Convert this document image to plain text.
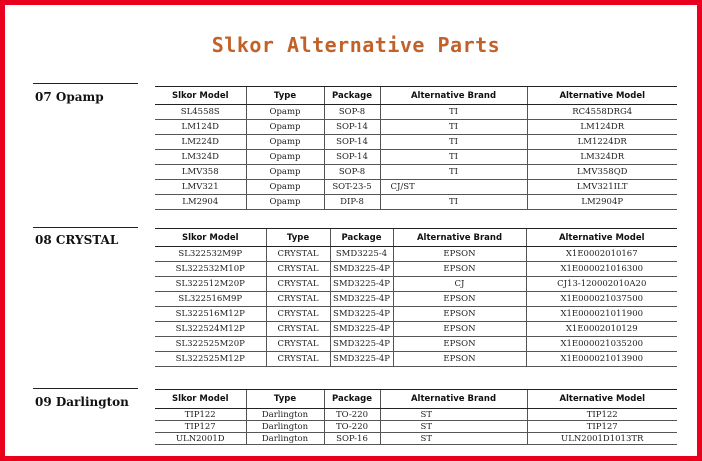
Slkor Alternative Parts
07 Opamp	Slkor Model	Type	Package	Alternative Brand	Alternative Model
SL4558S	Opamp	SOP-8	TI	RC4558DRG4
LM124D	Opamp	SOP-14	TI	LM124DR
LM224D	Opamp	SOP-14	TI	LM1224DR
LM324D	Opamp	SOP-14	TI	LM324DR
LMV358	Opamp	SOP-8	TI	LMV358QD
LMV321	Opamp	SOT-23-5	CJ/ST	LMV321ILT
LM2904	Opamp	DIP-8	TI	LM2904P
08 CRYSTAL	Slkor Model	Type	Package	Alternative Brand	Alternative Model
SL322532M9P	CRYSTAL	SMD3225-4	EPSON	X1E0002010167
SL322532M10P	CRYSTAL	SMD3225-4P	EPSON	X1E000021016300
SL322512M20P	CRYSTAL	SMD3225-4P	CJ	CJ13-120002010A20
SL322516M9P	CRYSTAL	SMD3225-4P	EPSON	X1E000021037500
SL322516M12P	CRYSTAL	SMD3225-4P	EPSON	X1E000021011900
SL322524M12P	CRYSTAL	SMD3225-4P	EPSON	X1E0002010129
SL322525M20P	CRYSTAL	SMD3225-4P	EPSON	X1E000021035200
SL322525M12P	CRYSTAL	SMD3225-4P	EPSON	X1E000021013900
09 Darlington	Slkor Model	Type	Package	Alternative Brand	Alternative Model
TIP122	Darlington	TO-220	ST	TIP122
TIP127	Darlington	TO-220	ST	TIP127
ULN2001D	Darlington	SOP-16	ST	ULN2001D1013TR
